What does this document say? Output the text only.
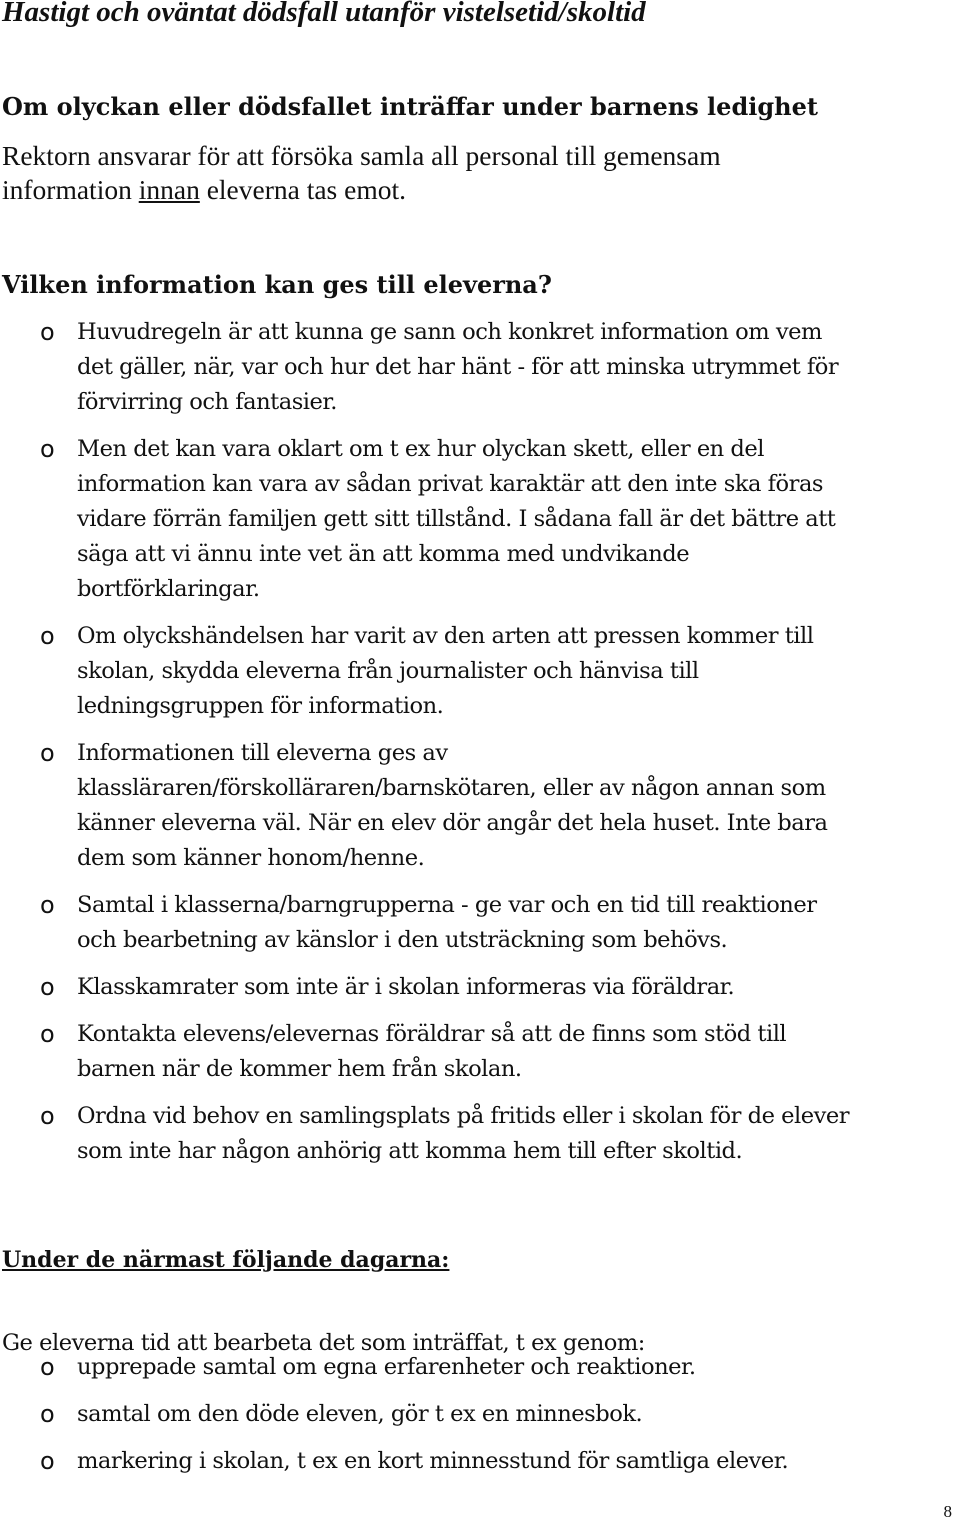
Hastigt och oväntat dödsfall utanför vistelsetid/skoltid
Om olyckan eller dödsfallet inträffar under barnens ledighet

Rektorn ansvarar för att försöka samla all personal till gemensam
information innan eleverna tas emot.

Vilken information kan ges till eleverna?
o Huvudregeln är att kunna ge sann och konkret information om vem
det gäller, när, var och hur det har hänt - för att minska utrymmet för
förvirring och fantasier.
o Men det kan vara oklart om t ex hur olyckan skett, eller en del
information kan vara av sådan privat karaktär att den inte ska föras
vidare förrän familjen gett sitt tillstånd. I sådana fall är det bättre att
säga att vi ännu inte vet än att komma med undvikande
bortförklaringar.
o Om olyckshändelsen har varit av den arten att pressen kommer till
skolan, skydda eleverna från journalister och hänvisa till
ledningsgruppen för information.
o Informationen till eleverna ges av
klassläraren/förskolläraren/barnskötaren, eller av någon annan som
känner eleverna väl. När en elev dör angår det hela huset. Inte bara
dem som känner honom/henne.
o Samtal i klasserna/barngrupperna - ge var och en tid till reaktioner
och bearbetning av känslor i den utsträckning som behövs.
o Klasskamrater som inte är i skolan informeras via föräldrar.
o Kontakta elevens/elevernas föräldrar så att de finns som stöd till
barnen när de kommer hem från skolan.
o Ordna vid behov en samlingsplats på fritids eller i skolan för de elever
som inte har någon anhörig att komma hem till efter skoltid.
Under de närmast följande dagarna:

Ge eleverna tid att bearbeta det som inträffat, t ex genom:

o upprepade samtal om egna erfarenheter och reaktioner.
o samtal om den döde eleven, gör t ex en minnesbok.
o markering i skolan, t ex en kort minnesstund för samtliga elever.
8
